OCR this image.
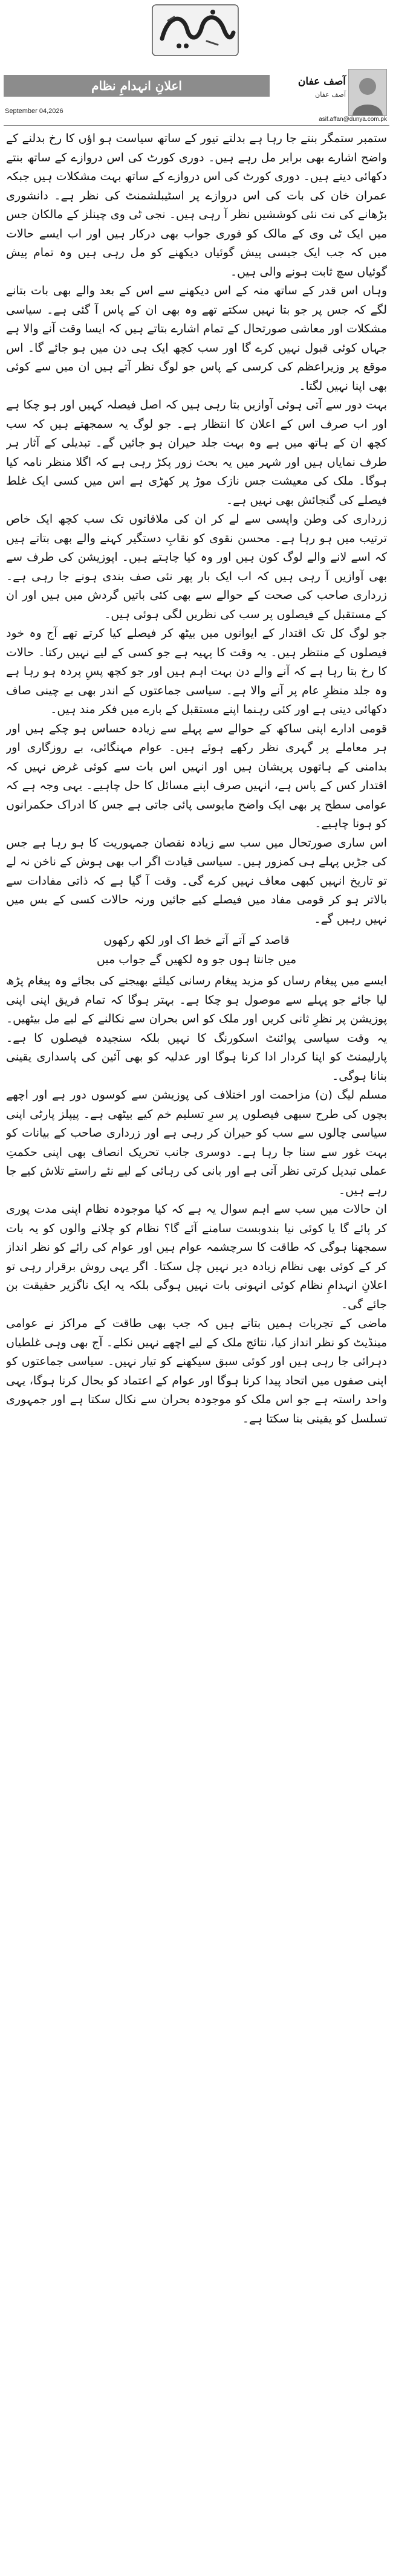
اعلانِ انہدامِ نظام
September 04,2026
آصف عفان
آصف عفان
asif.affan@dunya.com.pk

ستمبر ستمگر بنتے جا رہا ہے بدلتے تیور کے ساتھ سیاست ہو اؤں کا رخ بدلنے کے واضح اشارے بھی برابر مل رہے ہیں۔ دوری کورٹ کی اس دروازے کے ساتھ بنتے دکھائی دیتے ہیں۔ دوری کورٹ کی اس دروازے کے ساتھ بہت مشکلات ہیں جبکہ عمران خان کی بات کی اس دروازے پر اسٹیبلشمنٹ کی نظر ہے۔ دانشوری بڑھانے کی نت نئی کوششیں نظر آ رہی ہیں۔ نجی ٹی وی چینلز کے مالکان جس میں ایک ٹی وی کے مالک کو فوری جواب بھی درکار ہیں اور اب ایسے حالات میں کہ جب ایک جیسی پیش گوئیاں دیکھنے کو مل رہی ہیں وہ تمام پیش گوئیاں سچ ثابت ہونے والی ہیں۔

وہاں اس قدر کے ساتھ منہ کے اس دیکھنے سے اس کے بعد والے بھی بات بتانے لگے کہ جس پر جو بتا نہیں سکتے تھے وہ بھی ان کے پاس آ گئی ہے۔ سیاسی مشکلات اور معاشی صورتحال کے تمام اشارے بتاتے ہیں کہ ایسا وقت آنے والا ہے جہاں کوئی قبول نہیں کرے گا اور سب کچھ ایک ہی دن میں ہو جائے گا۔ اس موقع پر وزیراعظم کی کرسی کے پاس جو لوگ نظر آتے ہیں ان میں سے کوئی بھی اپنا نہیں لگتا۔

بہت دور سے آتی ہوئی آوازیں بتا رہی ہیں کہ اصل فیصلہ کہیں اور ہو چکا ہے اور اب صرف اس کے اعلان کا انتظار ہے۔ جو لوگ یہ سمجھتے ہیں کہ سب کچھ ان کے ہاتھ میں ہے وہ بہت جلد حیران ہو جائیں گے۔ تبدیلی کے آثار ہر طرف نمایاں ہیں اور شہر میں یہ بحث زور پکڑ رہی ہے کہ اگلا منظر نامہ کیا ہوگا۔ ملک کی معیشت جس نازک موڑ پر کھڑی ہے اس میں کسی ایک غلط فیصلے کی گنجائش بھی نہیں ہے۔

زرداری کی وطن واپسی سے لے کر ان کی ملاقاتوں تک سب کچھ ایک خاص ترتیب میں ہو رہا ہے۔ محسن نقوی کو نقابِ دستگیر کہنے والے بھی بتاتے ہیں کہ اسے لانے والے لوگ کون ہیں اور وہ کیا چاہتے ہیں۔ اپوزیشن کی طرف سے بھی آوازیں آ رہی ہیں کہ اب ایک بار پھر نئی صف بندی ہونے جا رہی ہے۔ زرداری صاحب کی صحت کے حوالے سے بھی کئی باتیں گردش میں ہیں اور ان کے مستقبل کے فیصلوں پر سب کی نظریں لگی ہوئی ہیں۔

جو لوگ کل تک اقتدار کے ایوانوں میں بیٹھ کر فیصلے کیا کرتے تھے آج وہ خود فیصلوں کے منتظر ہیں۔ یہ وقت کا پہیہ ہے جو کسی کے لیے نہیں رکتا۔ حالات کا رخ بتا رہا ہے کہ آنے والے دن بہت اہم ہیں اور جو کچھ پسِ پردہ ہو رہا ہے وہ جلد منظرِ عام پر آنے والا ہے۔ سیاسی جماعتوں کے اندر بھی بے چینی صاف دکھائی دیتی ہے اور کئی رہنما اپنے مستقبل کے بارے میں فکر مند ہیں۔

قومی ادارے اپنی ساکھ کے حوالے سے پہلے سے زیادہ حساس ہو چکے ہیں اور ہر معاملے پر گہری نظر رکھے ہوئے ہیں۔ عوام مہنگائی، بے روزگاری اور بدامنی کے ہاتھوں پریشان ہیں اور انہیں اس بات سے کوئی غرض نہیں کہ اقتدار کس کے پاس ہے، انہیں صرف اپنے مسائل کا حل چاہیے۔ یہی وجہ ہے کہ عوامی سطح پر بھی ایک واضح مایوسی پائی جاتی ہے جس کا ادراک حکمرانوں کو ہونا چاہیے۔

اس ساری صورتحال میں سب سے زیادہ نقصان جمہوریت کا ہو رہا ہے جس کی جڑیں پہلے ہی کمزور ہیں۔ سیاسی قیادت اگر اب بھی ہوش کے ناخن نہ لے تو تاریخ انہیں کبھی معاف نہیں کرے گی۔ وقت آ گیا ہے کہ ذاتی مفادات سے بالاتر ہو کر قومی مفاد میں فیصلے کیے جائیں ورنہ حالات کسی کے بس میں نہیں رہیں گے۔

قاصد کے آتے آتے خط اک اور لکھ رکھوں
میں جانتا ہوں جو وہ لکھیں گے جواب میں

ایسے میں پیغام رساں کو مزید پیغام رسانی کیلئے بھیجنے کی بجائے وہ پیغام پڑھ لیا جائے جو پہلے سے موصول ہو چکا ہے۔ بہتر ہوگا کہ تمام فریق اپنی اپنی پوزیشن پر نظرِ ثانی کریں اور ملک کو اس بحران سے نکالنے کے لیے مل بیٹھیں۔ یہ وقت سیاسی پوائنٹ اسکورنگ کا نہیں بلکہ سنجیدہ فیصلوں کا ہے۔ پارلیمنٹ کو اپنا کردار ادا کرنا ہوگا اور عدلیہ کو بھی آئین کی پاسداری یقینی بنانا ہوگی۔

مسلم لیگ (ن) مزاحمت اور اختلاف کی پوزیشن سے کوسوں دور ہے اور اچھے بچوں کی طرح سبھی فیصلوں پر سرِ تسلیم خم کیے بیٹھی ہے۔ پیپلز پارٹی اپنی سیاسی چالوں سے سب کو حیران کر رہی ہے اور زرداری صاحب کے بیانات کو بہت غور سے سنا جا رہا ہے۔ دوسری جانب تحریک انصاف بھی اپنی حکمتِ عملی تبدیل کرتی نظر آتی ہے اور بانی کی رہائی کے لیے نئے راستے تلاش کیے جا رہے ہیں۔

ان حالات میں سب سے اہم سوال یہ ہے کہ کیا موجودہ نظام اپنی مدت پوری کر پائے گا یا کوئی نیا بندوبست سامنے آئے گا؟ نظام کو چلانے والوں کو یہ بات سمجھنا ہوگی کہ طاقت کا سرچشمہ عوام ہیں اور عوام کی رائے کو نظر انداز کر کے کوئی بھی نظام زیادہ دیر نہیں چل سکتا۔ اگر یہی روش برقرار رہی تو اعلانِ انہدامِ نظام کوئی انہونی بات نہیں ہوگی بلکہ یہ ایک ناگزیر حقیقت بن جائے گی۔

ماضی کے تجربات ہمیں بتاتے ہیں کہ جب بھی طاقت کے مراکز نے عوامی مینڈیٹ کو نظر انداز کیا، نتائج ملک کے لیے اچھے نہیں نکلے۔ آج بھی وہی غلطیاں دہرائی جا رہی ہیں اور کوئی سبق سیکھنے کو تیار نہیں۔ سیاسی جماعتوں کو اپنی صفوں میں اتحاد پیدا کرنا ہوگا اور عوام کے اعتماد کو بحال کرنا ہوگا، یہی واحد راستہ ہے جو اس ملک کو موجودہ بحران سے نکال سکتا ہے اور جمہوری تسلسل کو یقینی بنا سکتا ہے۔
